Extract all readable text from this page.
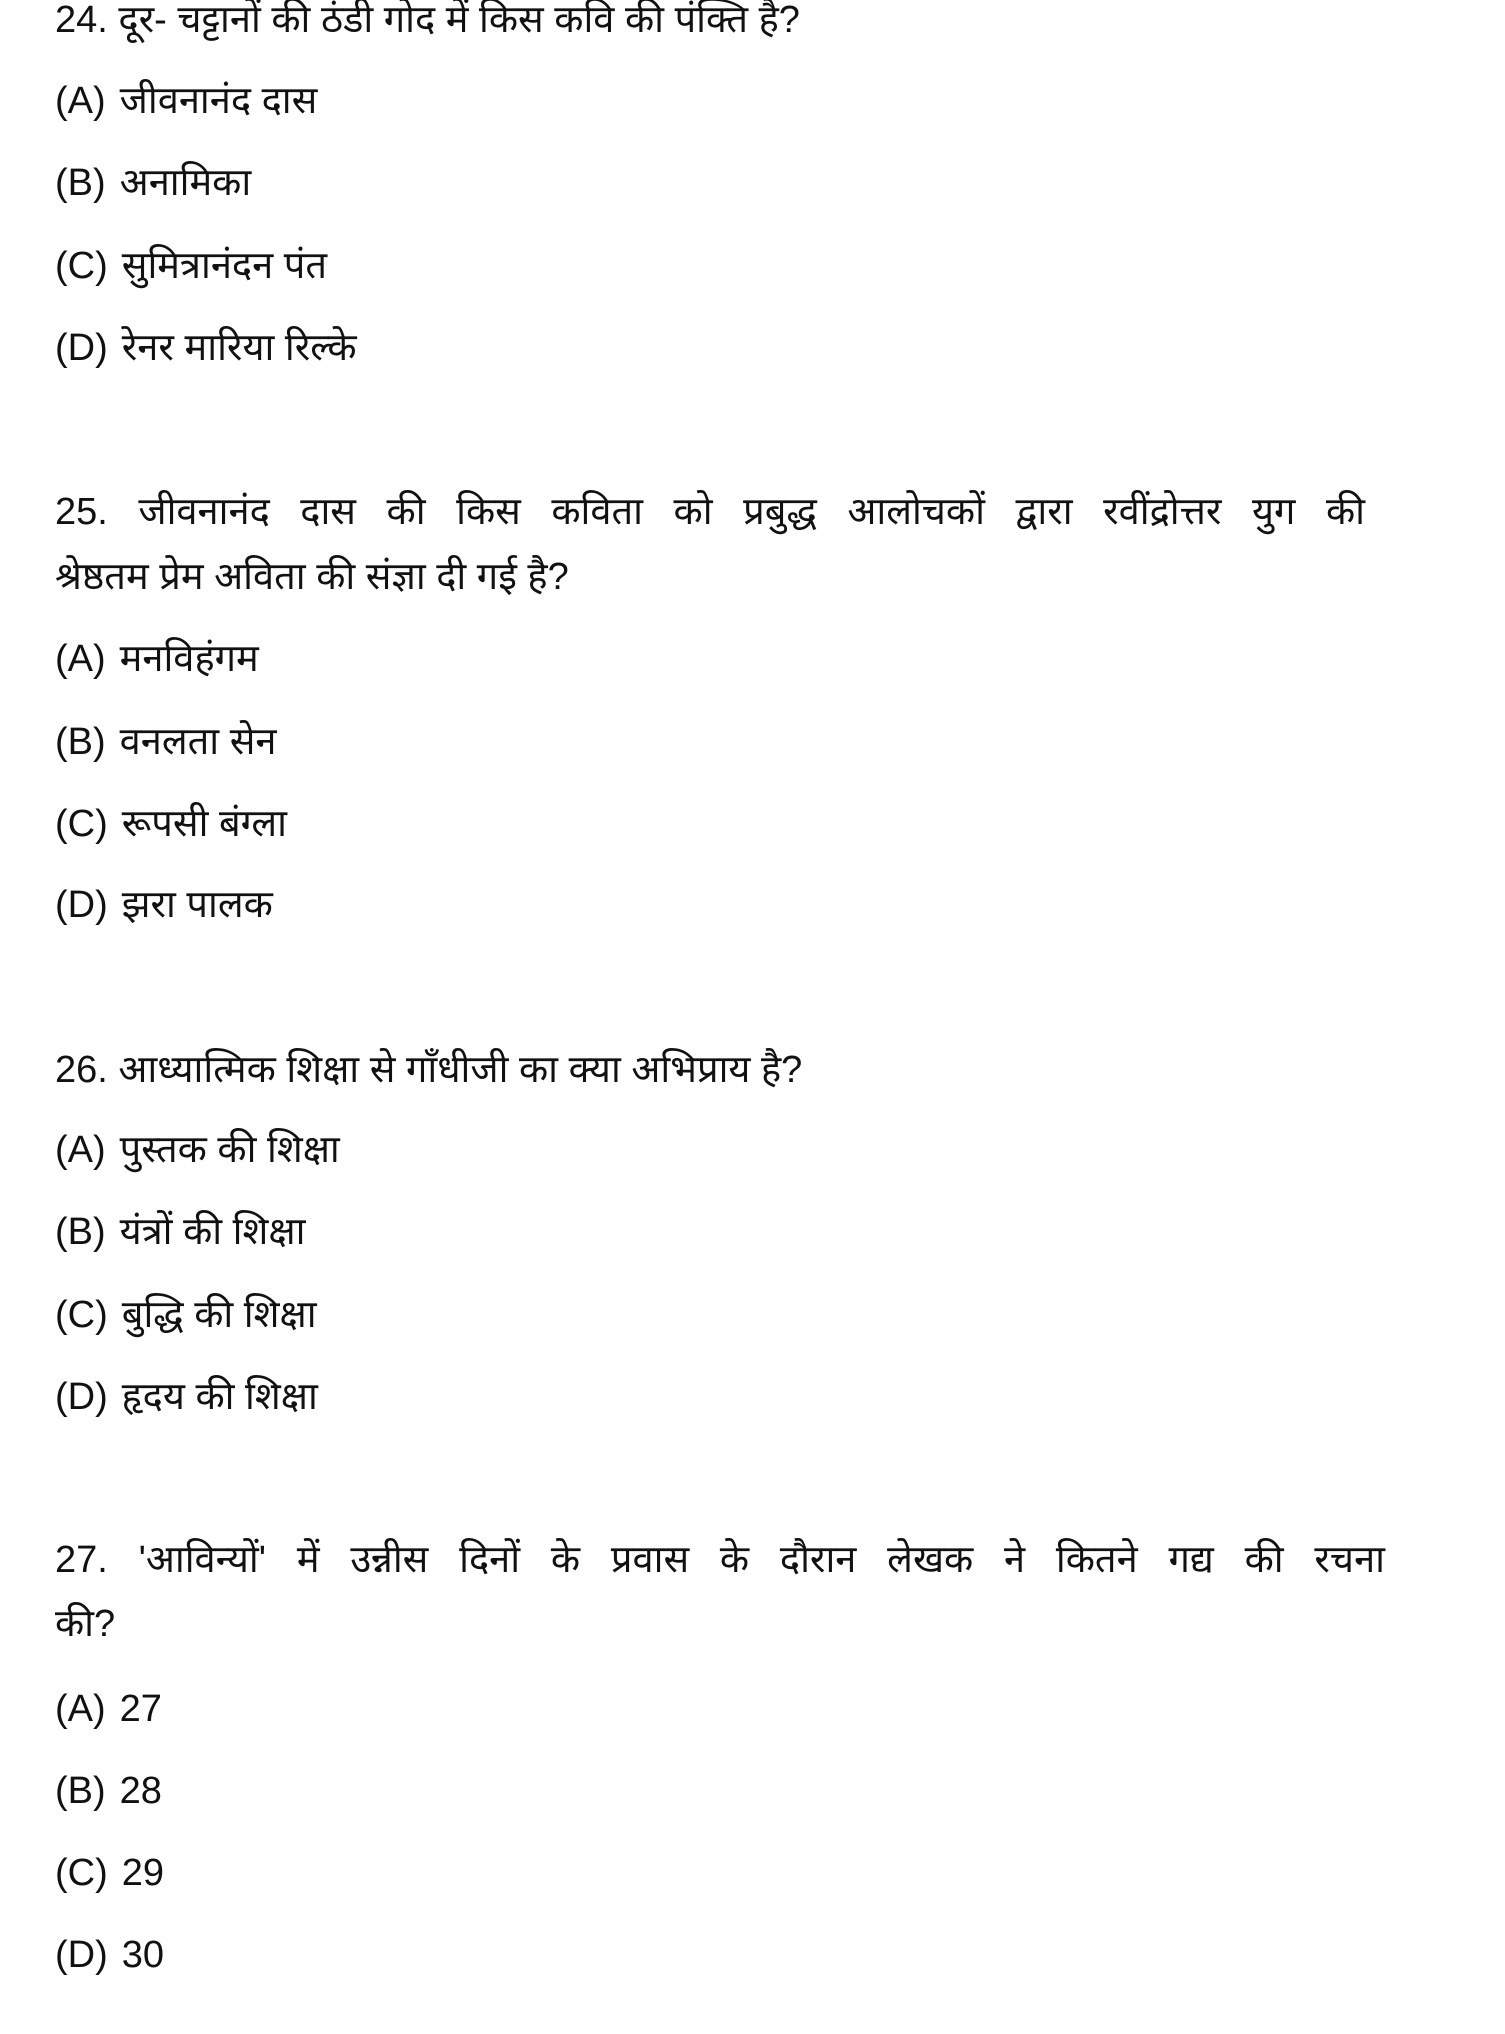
24. दूर- चट्टानों की ठंडी गोद में किस कवि की पंक्ति है?
(A) जीवनानंद दास
(B) अनामिका
(C) सुमित्रानंदन पंत
(D) रेनर मारिया रिल्के
25. जीवनानंद दास की किस कविता को प्रबुद्ध आलोचकों द्वारा रवींद्रोत्तर युग की
श्रेष्ठतम प्रेम अविता की संज्ञा दी गई है?
(A) मनविहंगम
(B) वनलता सेन
(C) रूपसी बंग्ला
(D) झरा पालक
26. आध्यात्मिक शिक्षा से गाँधीजी का क्या अभिप्राय है?
(A) पुस्तक की शिक्षा
(B) यंत्रों की शिक्षा
(C) बुद्धि की शिक्षा
(D) हृदय की शिक्षा
27. 'आविन्यों' में उन्नीस दिनों के प्रवास के दौरान लेखक ने कितने गद्य की रचना
की?
(A) 27
(B) 28
(C) 29
(D) 30
